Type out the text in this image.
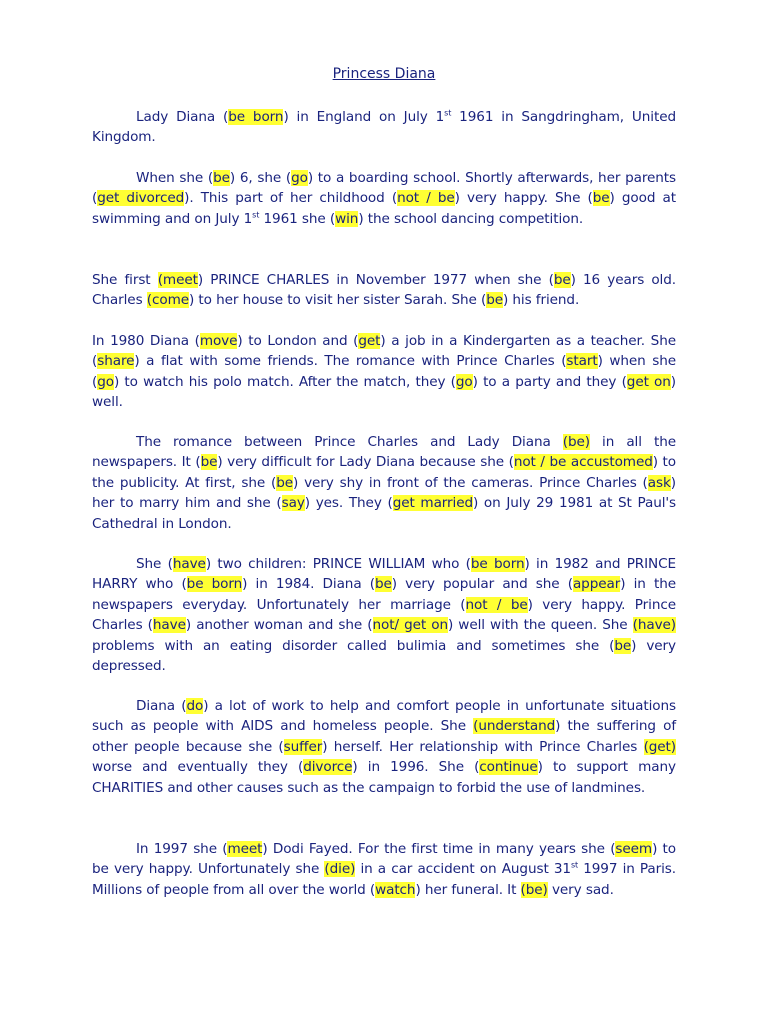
Princess Diana
Lady Diana (be born) in England on July 1st 1961 in Sangdringham, United Kingdom.
When she (be) 6, she (go) to a boarding school. Shortly afterwards, her parents (get divorced). This part of her childhood (not / be) very happy. She (be) good at swimming and on July 1st 1961 she (win) the school dancing competition.
She first (meet) PRINCE CHARLES in November 1977 when she (be) 16 years old. Charles (come) to her house to visit her sister Sarah. She (be) his friend.
In 1980 Diana (move) to London and (get) a job in a Kindergarten as a teacher. She (share) a flat with some friends. The romance with Prince Charles (start) when she (go) to watch his polo match. After the match, they (go) to a party and they (get on) well.
The romance between Prince Charles and Lady Diana (be) in all the newspapers. It (be) very difficult for Lady Diana because she (not / be accustomed) to the publicity. At first, she (be) very shy in front of the cameras. Prince Charles (ask) her to marry him and she (say) yes. They (get married) on July 29 1981 at St Paul's Cathedral in London.
She (have) two children: PRINCE WILLIAM who (be born) in 1982 and PRINCE HARRY who (be born) in 1984. Diana (be) very popular and she (appear) in the newspapers everyday. Unfortunately her marriage (not / be) very happy. Prince Charles (have) another woman and she (not/ get on) well with the queen. She (have) problems with an eating disorder called bulimia and sometimes she (be) very depressed.
Diana (do) a lot of work to help and comfort people in unfortunate situations such as people with AIDS and homeless people. She (understand) the suffering of other people because she (suffer) herself. Her relationship with Prince Charles (get) worse and eventually they (divorce) in 1996. She (continue) to support many CHARITIES and other causes such as the campaign to forbid the use of landmines.
In 1997 she (meet) Dodi Fayed. For the first time in many years she (seem) to be very happy. Unfortunately she (die) in a car accident on August 31st 1997 in Paris. Millions of people from all over the world (watch) her funeral. It (be) very sad.
